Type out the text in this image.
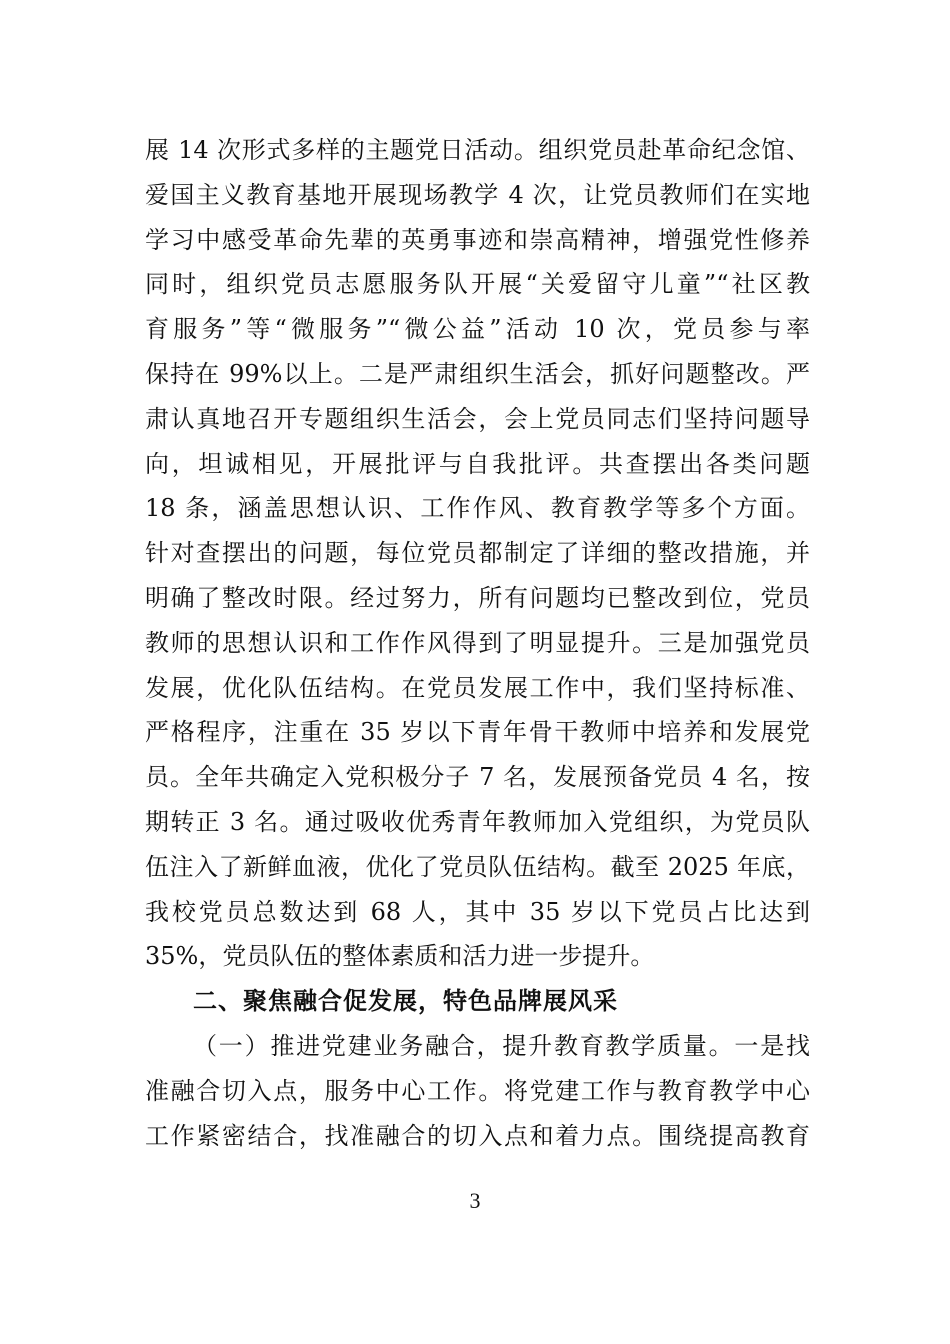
展 14 次形式多样的主题党日活动。组织党员赴革命纪念馆、
爱国主义教育基地开展现场教学 4 次，让党员教师们在实地
学习中感受革命先辈的英勇事迹和崇高精神，增强党性修养
同时，组织党员志愿服务队开展“关爱留守儿童”“社区教
育服务”等“微服务”“微公益”活动 10 次，党员参与率
保持在 99%以上。二是严肃组织生活会，抓好问题整改。严
肃认真地召开专题组织生活会，会上党员同志们坚持问题导
向，坦诚相见，开展批评与自我批评。共查摆出各类问题
18 条，涵盖思想认识、工作作风、教育教学等多个方面。
针对查摆出的问题，每位党员都制定了详细的整改措施，并
明确了整改时限。经过努力，所有问题均已整改到位，党员
教师的思想认识和工作作风得到了明显提升。三是加强党员
发展，优化队伍结构。在党员发展工作中，我们坚持标准、
严格程序，注重在 35 岁以下青年骨干教师中培养和发展党
员。全年共确定入党积极分子 7 名，发展预备党员 4 名，按
期转正 3 名。通过吸收优秀青年教师加入党组织，为党员队
伍注入了新鲜血液，优化了党员队伍结构。截至 2025 年底，
我校党员总数达到 68 人，其中 35 岁以下党员占比达到
35%，党员队伍的整体素质和活力进一步提升。
二、聚焦融合促发展，特色品牌展风采
（一）推进党建业务融合，提升教育教学质量。一是找
准融合切入点，服务中心工作。将党建工作与教育教学中心
工作紧密结合，找准融合的切入点和着力点。围绕提高教育
3
